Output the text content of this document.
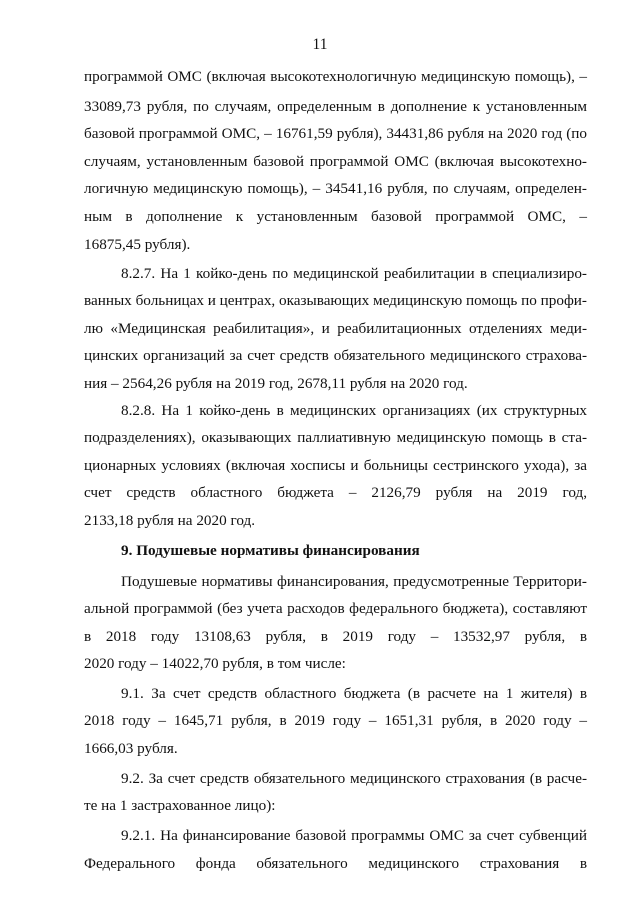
11
программой ОМС (включая высокотехнологичную медицинскую помощь), –
33089,73 рубля, по случаям, определенным в дополнение к установленным
базовой программой ОМС, – 16761,59 рубля), 34431,86 рубля на 2020 год (по
случаям, установленным базовой программой ОМС (включая высокотехно-
логичную медицинскую помощь), – 34541,16 рубля, по случаям, определен-
ным в дополнение к установленным базовой программой ОМС, –
16875,45 рубля).
8.2.7. На 1 койко-день по медицинской реабилитации в специализиро-
ванных больницах и центрах, оказывающих медицинскую помощь по профи-
лю «Медицинская реабилитация», и реабилитационных отделениях меди-
цинских организаций за счет средств обязательного медицинского страхова-
ния – 2564,26 рубля на 2019 год, 2678,11 рубля на 2020 год.
8.2.8. На 1 койко-день в медицинских организациях (их структурных
подразделениях), оказывающих паллиативную медицинскую помощь в ста-
ционарных условиях (включая хосписы и больницы сестринского ухода), за
счет средств областного бюджета – 2126,79 рубля на 2019 год,
2133,18 рубля на 2020 год.
9. Подушевые нормативы финансирования
Подушевые нормативы финансирования, предусмотренные Территори-
альной программой (без учета расходов федерального бюджета), составляют
в 2018 году 13108,63 рубля, в 2019 году – 13532,97 рубля, в
2020 году – 14022,70 рубля, в том числе:
9.1. За счет средств областного бюджета (в расчете на 1 жителя) в
2018 году – 1645,71 рубля, в 2019 году – 1651,31 рубля, в 2020 году –
1666,03 рубля.
9.2. За счет средств обязательного медицинского страхования (в расче-
те на 1 застрахованное лицо):
9.2.1. На финансирование базовой программы ОМС за счет субвенций
Федерального фонда обязательного медицинского страхования в
